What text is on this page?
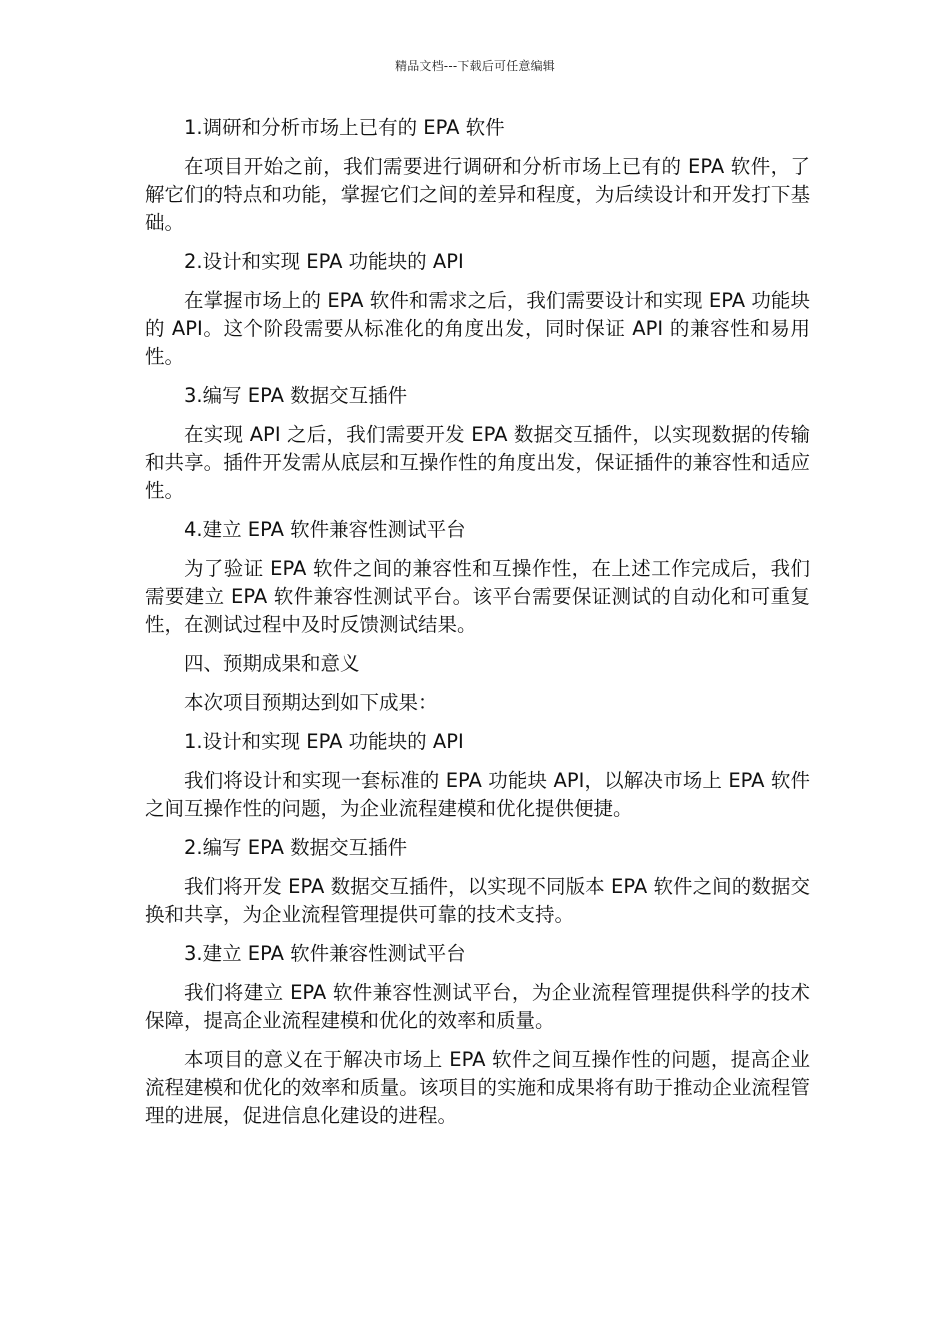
精品文档---下载后可任意编辑

1.调研和分析市场上已有的 EPA 软件

在项目开始之前，我们需要进行调研和分析市场上已有的 EPA 软件，了解它们的特点和功能，掌握它们之间的差异和程度，为后续设计和开发打下基础。

2.设计和实现 EPA 功能块的 API

在掌握市场上的 EPA 软件和需求之后，我们需要设计和实现 EPA 功能块的 API。这个阶段需要从标准化的角度出发，同时保证 API 的兼容性和易用性。

3.编写 EPA 数据交互插件

在实现 API 之后，我们需要开发 EPA 数据交互插件，以实现数据的传输和共享。插件开发需从底层和互操作性的角度出发，保证插件的兼容性和适应性。

4.建立 EPA 软件兼容性测试平台

为了验证 EPA 软件之间的兼容性和互操作性，在上述工作完成后，我们需要建立 EPA 软件兼容性测试平台。该平台需要保证测试的自动化和可重复性，在测试过程中及时反馈测试结果。

四、预期成果和意义

本次项目预期达到如下成果：

1.设计和实现 EPA 功能块的 API

我们将设计和实现一套标准的 EPA 功能块 API，以解决市场上 EPA 软件之间互操作性的问题，为企业流程建模和优化提供便捷。

2.编写 EPA 数据交互插件

我们将开发 EPA 数据交互插件，以实现不同版本 EPA 软件之间的数据交换和共享，为企业流程管理提供可靠的技术支持。

3.建立 EPA 软件兼容性测试平台

我们将建立 EPA 软件兼容性测试平台，为企业流程管理提供科学的技术保障，提高企业流程建模和优化的效率和质量。

本项目的意义在于解决市场上 EPA 软件之间互操作性的问题，提高企业流程建模和优化的效率和质量。该项目的实施和成果将有助于推动企业流程管理的进展，促进信息化建设的进程。
